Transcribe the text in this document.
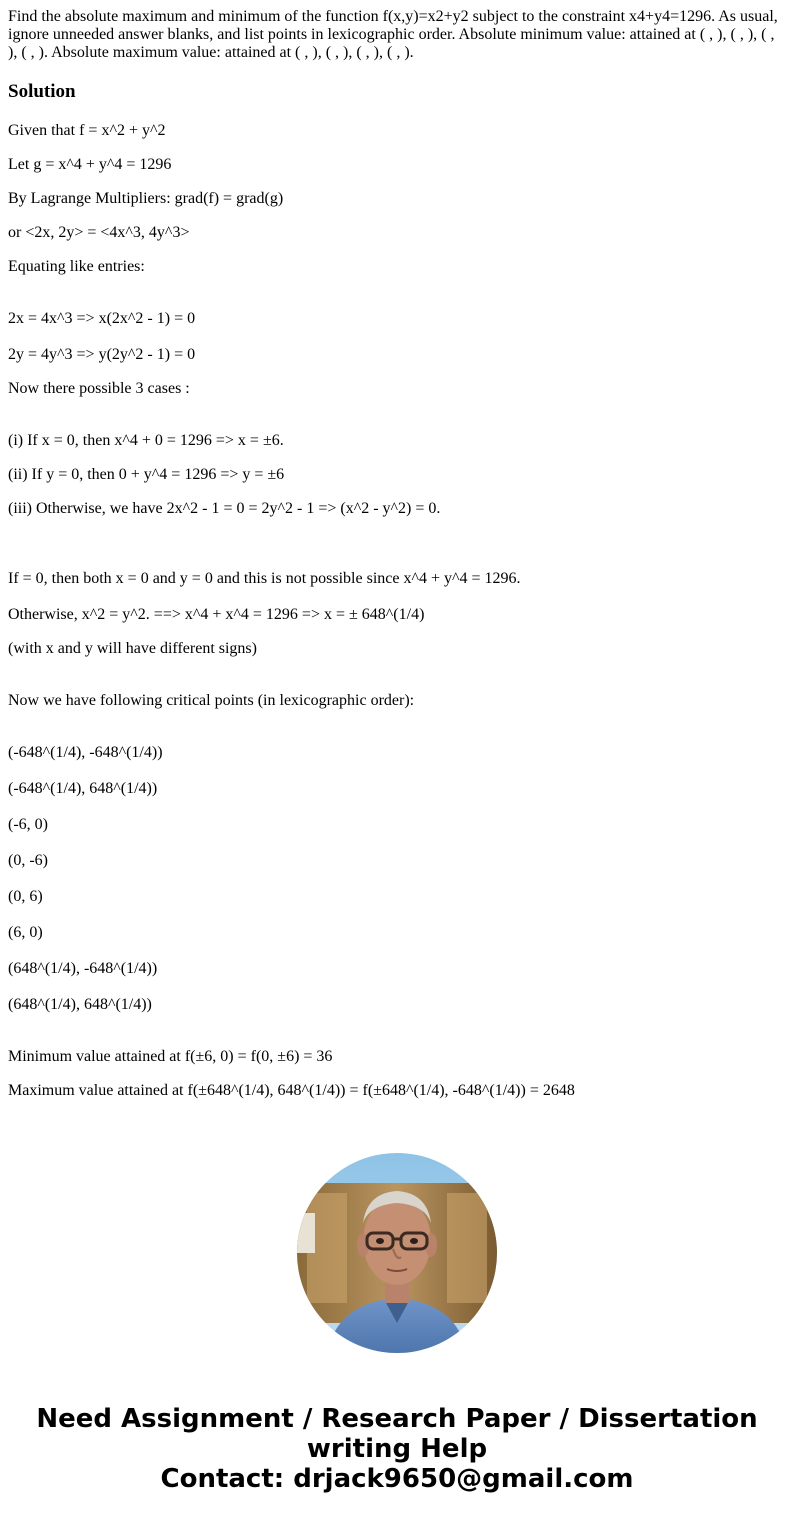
Find the absolute maximum and minimum of the function f(x,y)=x2+y2 subject to the constraint x4+y4=1296. As usual, ignore unneeded answer blanks, and list points in lexicographic order. Absolute minimum value: attained at ( , ), ( , ), ( , ), ( , ). Absolute maximum value: attained at ( , ), ( , ), ( , ), ( , ).

Solution

Given that f = x^2 + y^2

Let g = x^4 + y^4 = 1296

By Lagrange Multipliers: grad(f) = grad(g)

or <2x, 2y> = <4x^3, 4y^3>

Equating like entries:

2x = 4x^3 => x(2x^2 - 1) = 0

2y = 4y^3 => y(2y^2 - 1) = 0

Now there possible 3 cases :

(i) If x = 0, then x^4 + 0 = 1296 => x = ±6.

(ii) If y = 0, then 0 + y^4 = 1296 => y = ±6

(iii) Otherwise, we have 2x^2 - 1 = 0 = 2y^2 - 1 => (x^2 - y^2) = 0.

If = 0, then both x = 0 and y = 0 and this is not possible since x^4 + y^4 = 1296.

Otherwise, x^2 = y^2. ==> x^4 + x^4 = 1296 => x = ± 648^(1/4)

(with x and y will have different signs)

Now we have following critical points (in lexicographic order):

(-648^(1/4), -648^(1/4))

(-648^(1/4), 648^(1/4))

(-6, 0)

(0, -6)

(0, 6)

(6, 0)

(648^(1/4), -648^(1/4))

(648^(1/4), 648^(1/4))

Minimum value attained at f(±6, 0) = f(0, ±6) = 36

Maximum value attained at f(±648^(1/4), 648^(1/4)) = f(±648^(1/4), -648^(1/4)) = 2648

Need Assignment / Research Paper / Dissertation
writing Help
Contact: drjack9650@gmail.com
